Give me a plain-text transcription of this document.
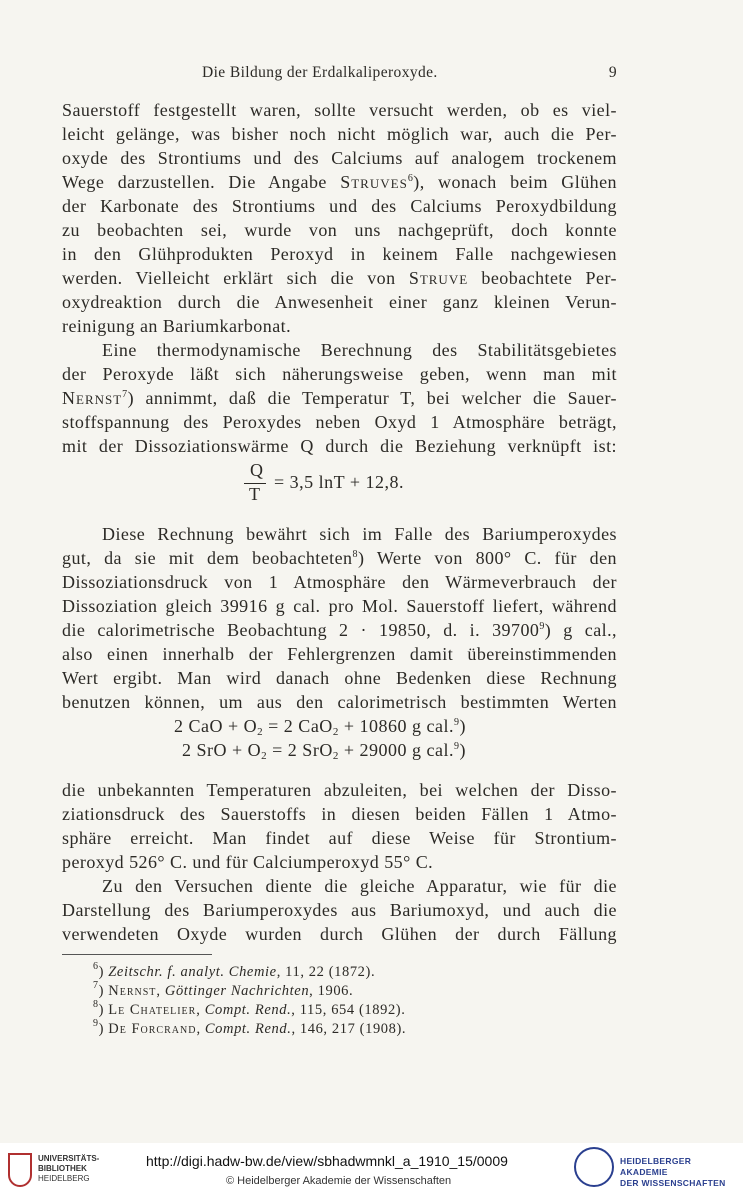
Die Bildung der Erdalkaliperoxyde.	9
Sauerstoff festgestellt waren, sollte versucht werden, ob es viel-
leicht gelänge, was bisher noch nicht möglich war, auch die Per-
oxyde des Strontiums und des Calciums auf analogem trockenem
Wege darzustellen. Die Angabe Struves$^6$), wonach beim Glühen
der Karbonate des Strontiums und des Calciums Peroxydbildung
zu beobachten sei, wurde von uns nachgeprüft, doch konnte
in den Glühprodukten Peroxyd in keinem Falle nachgewiesen
werden. Vielleicht erklärt sich die von Struve beobachtete Per-
oxydreaktion durch die Anwesenheit einer ganz kleinen Verun-
reinigung an Bariumkarbonat.
Eine thermodynamische Berechnung des Stabilitätsgebietes
der Peroxyde läßt sich näherungsweise geben, wenn man mit
Nernst$^7$) annimmt, daß die Temperatur T, bei welcher die Sauer-
stoffspannung des Peroxydes neben Oxyd 1 Atmosphäre beträgt,
mit der Dissoziationswärme Q durch die Beziehung verknüpft ist:
Q
T
= 3,5 lnT + 12,8.
Diese Rechnung bewährt sich im Falle des Bariumperoxydes
gut, da sie mit dem beobachteten$^8$) Werte von 800° C. für den
Dissoziationsdruck von 1 Atmosphäre den Wärmeverbrauch der
Dissoziation gleich 39916 g cal. pro Mol. Sauerstoff liefert, während
die calorimetrische Beobachtung 2 · 19850, d. i. 39700$^9$) g cal.,
also einen innerhalb der Fehlergrenzen damit übereinstimmenden
Wert ergibt. Man wird danach ohne Bedenken diese Rechnung
benutzen können, um aus den calorimetrisch bestimmten Werten
2 CaO + $O_2 = 2$ CaO$_2$ + 10860 g cal.$^9$)
2 SrO + $O_2 = 2$ SrO$_2$ + 29000 g cal.$^9$)
die unbekannten Temperaturen abzuleiten, bei welchen der Disso-
ziationsdruck des Sauerstoffs in diesen beiden Fällen 1 Atmo-
sphäre erreicht. Man findet auf diese Weise für Strontium-
peroxyd 526° C. und für Calciumperoxyd 55° C.
Zu den Versuchen diente die gleiche Apparatur, wie für die
Darstellung des Bariumperoxydes aus Bariumoxyd, und auch die
verwendeten Oxyde wurden durch Glühen der durch Fällung
$^6$) Zeitschr. f. analyt. Chemie, 11, 22 (1872).
$^7$) Nernst, Göttinger Nachrichten, 1906.
$^8$) Le Chatelier, Compt. Rend., 115, 654 (1892).
$^9$) De Forcrand, Compt. Rend., 146, 217 (1908).
UNIVERSITÄTS-
BIBLIOTHEK
HEIDELBERG
http://digi.hadw-bw.de/view/sbhadwmnkl_a_1910_15/0009
© Heidelberger Akademie der Wissenschaften
HEIDELBERGER AKADEMIE
DER WISSENSCHAFTEN
